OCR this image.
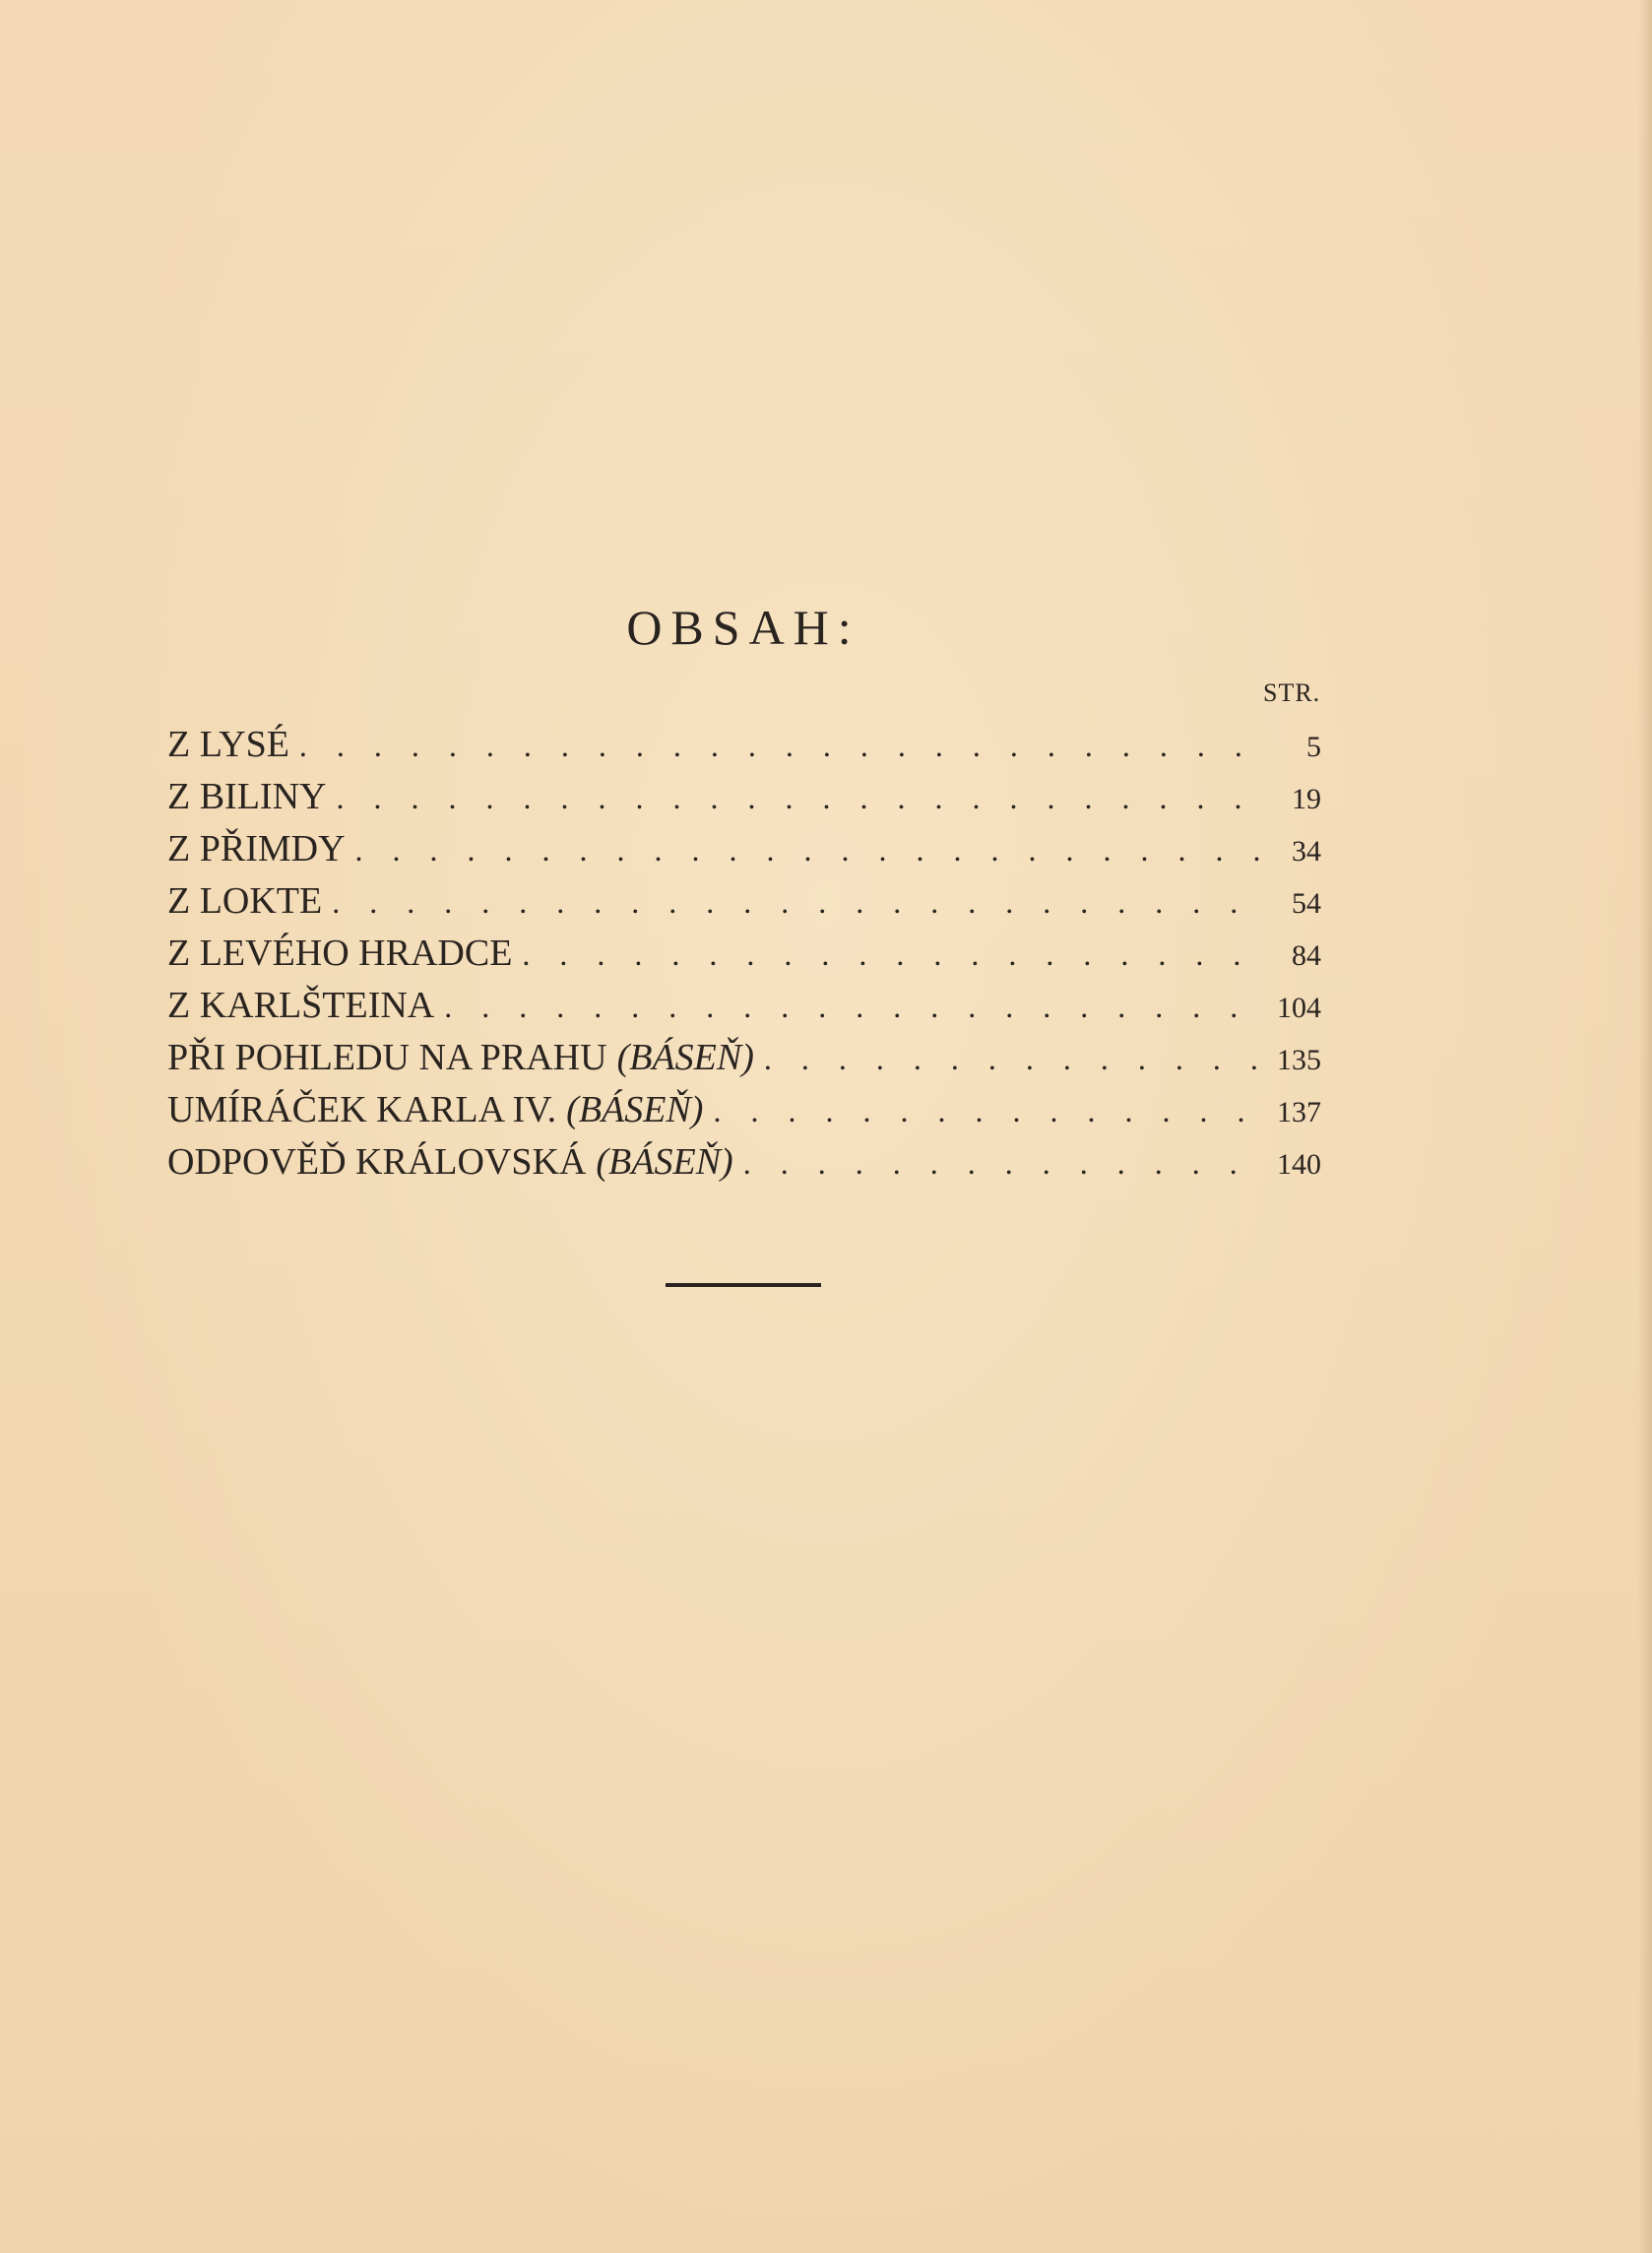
OBSAH:
STR.
Z LYSÉ . . .	5
Z BILINY . . .	19
Z PŘIMDY . . .	34
Z LOKTE . . .	54
Z LEVÉHO HRADCE . . .	84
Z KARLŠTEINA . . .	104
PŘI POHLEDU NA PRAHU (BÁSEŇ) . . .	135
UMÍRÁČEK KARLA IV. (BÁSEŇ) . . .	137
ODPOVĚĎ KRÁLOVSKÁ (BÁSEŇ) . . .	140
